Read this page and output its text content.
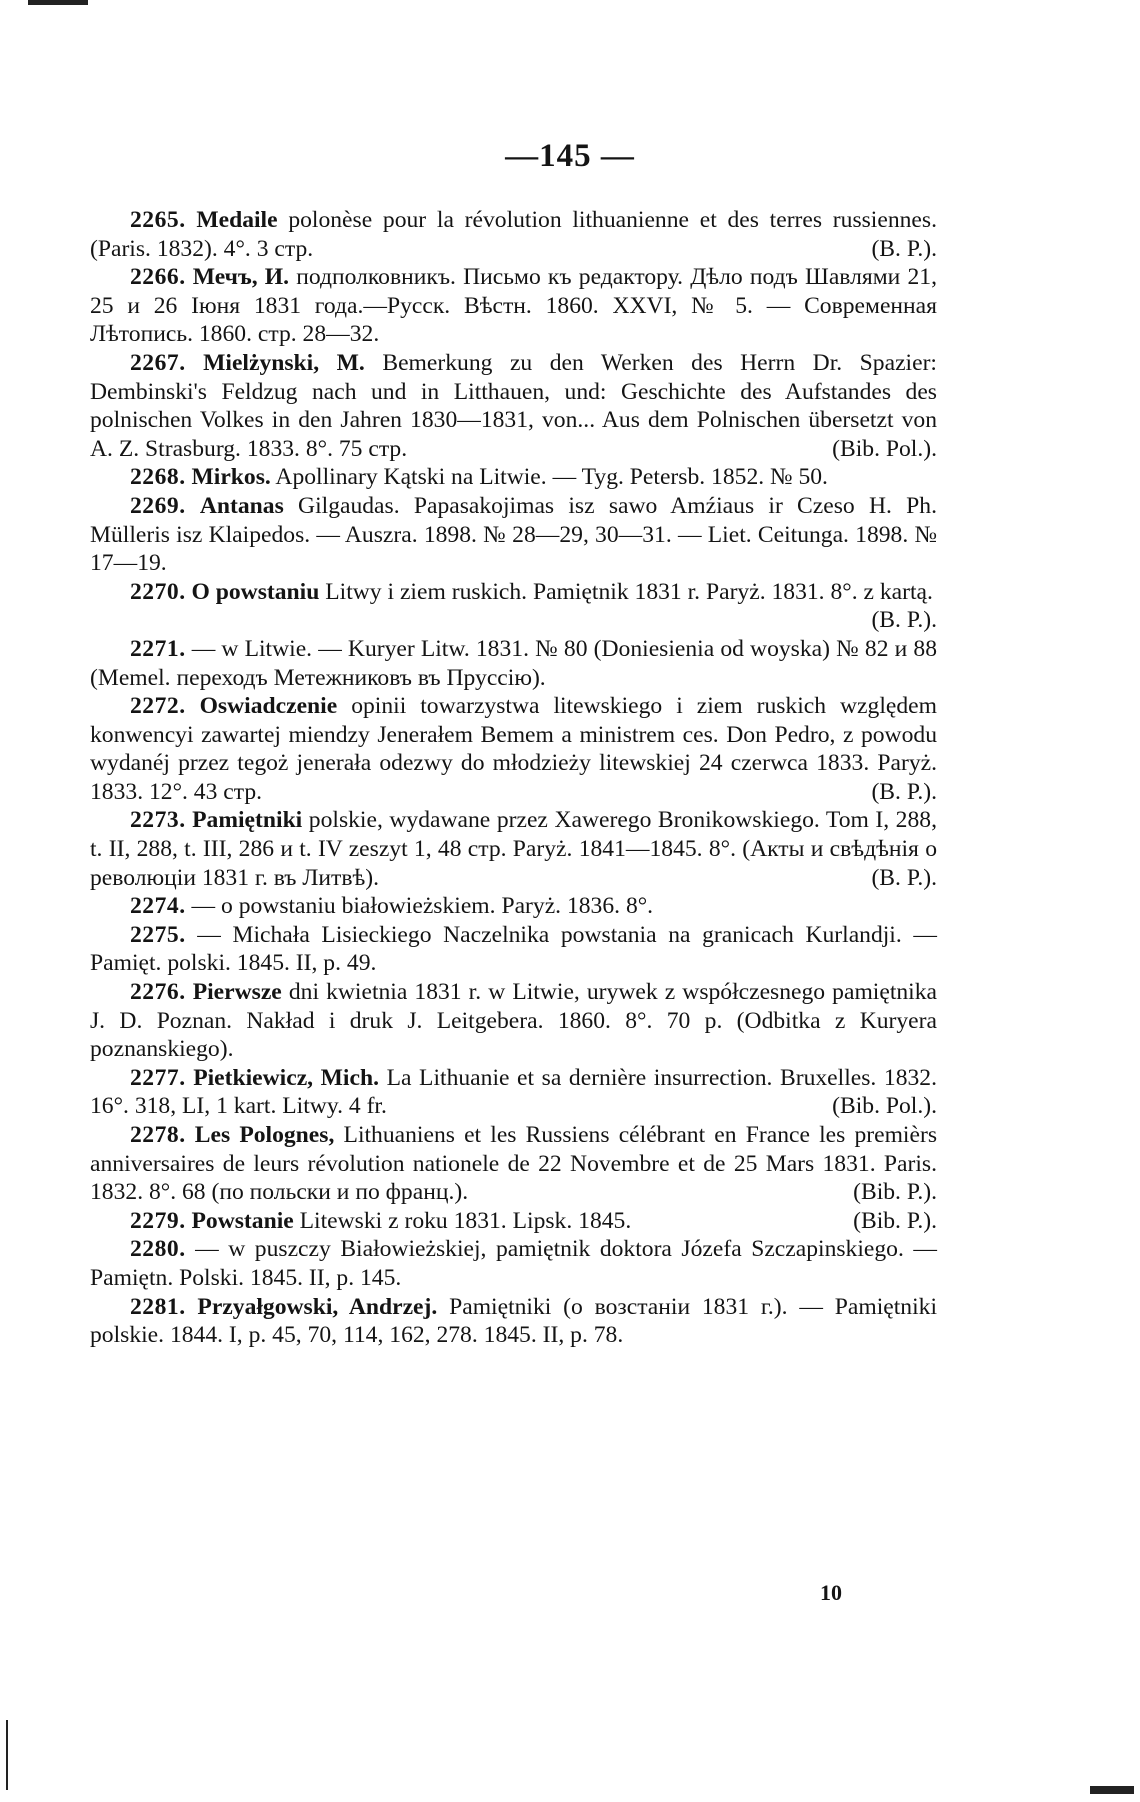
—145 —

2265. Medaile polonèse pour la révolution lithuanienne et des terres russiennes. (Paris. 1832). 4°. 3 стр.	(B. P.).

2266. Мечъ, И. подполковникъ. Письмо къ редактору. Дѣло подъ Шавлями 21, 25 и 26 Іюня 1831 года.—Русск. Вѣстн. 1860. XXVI, № 5. — Современная Лѣтопись. 1860. стр. 28—32.

2267. Mielżynski, M. Bemerkung zu den Werken des Herrn Dr. Spazier: Dembinski's Feldzug nach und in Litthauen, und: Geschichte des Aufstandes des polnischen Volkes in den Jahren 1830—1831, von... Aus dem Polnischen übersetzt von A. Z. Strasburg. 1833. 8°. 75 стр.	(Bib. Pol.).

2268. Mirkos. Apollinary Kątski na Litwie. — Tyg. Petersb. 1852. № 50.

2269. Antanas Gilgaudas. Papasakojimas isz sawo Amźiaus ir Czeso H. Ph. Mülleris isz Klaipedos. — Auszra. 1898. № 28—29, 30—31. — Liet. Ceitunga. 1898. № 17—19.

2270. O powstaniu Litwy i ziem ruskich. Pamiętnik 1831 r. Paryż. 1831. 8°. z kartą.
(B. P.).

2271. — w Litwie. — Kuryer Litw. 1831. № 80 (Doniesienia od woyska) № 82 и 88 (Memel. переходъ Метежниковъ въ Пруссію).

2272. Oswiadczenie opinii towarzystwa litewskiego i ziem ruskich względem konwencyi zawartej miendzy Jenerałem Bemem a ministrem ces. Don Pedro, z powodu wydanéj przez tegoż jenerała odezwy do młodzieży litewskiej 24 czerwca 1833. Paryż. 1833. 12°. 43 стр.	(B. P.).

2273. Pamiętniki polskie, wydawane przez Xawerego Bronikowskiego. Tom I, 288, t. II, 288, t. III, 286 и t. IV zeszyt 1, 48 стр. Paryż. 1841—1845. 8°. (Акты и свѣдѣнія о революціи 1831 г. въ Литвѣ).	(B. P.).

2274. — o powstaniu białowieżskiem. Paryż. 1836. 8°.

2275. — Michała Lisieckiego Naczelnika powstania na granicach Kurlandji. — Pamięt. polski. 1845. II, p. 49.

2276. Pierwsze dni kwietnia 1831 r. w Litwie, urywek z współczesnego pamiętnika J. D. Poznan. Nakład i druk J. Leitgebera. 1860. 8°. 70 p. (Odbitka z Kuryera poznanskiego).

2277. Pietkiewicz, Mich. La Lithuanie et sa dernière insurrection. Bruxelles. 1832. 16°. 318, LI, 1 kart. Litwy. 4 fr.	(Bib. Pol.).

2278. Les Polognes, Lithuaniens et les Russiens célébrant en France les premièrs anniversaires de leurs révolution nationele de 22 Novembre et de 25 Mars 1831. Paris. 1832. 8°. 68 (по польски и по франц.).	(Bib. P.).

2279. Powstanie Litewski z roku 1831. Lipsk. 1845.	(Bib. P.).

2280. — w puszczy Białowieżskiej, pamiętnik doktora Józefa Szczapinskiego. — Pamiętn. Polski. 1845. II, p. 145.

2281. Przyałgowski, Andrzej. Pamiętniki (o возстаніи 1831 г.). — Pamiętniki polskie. 1844. I, p. 45, 70, 114, 162, 278. 1845. II, p. 78.

10
